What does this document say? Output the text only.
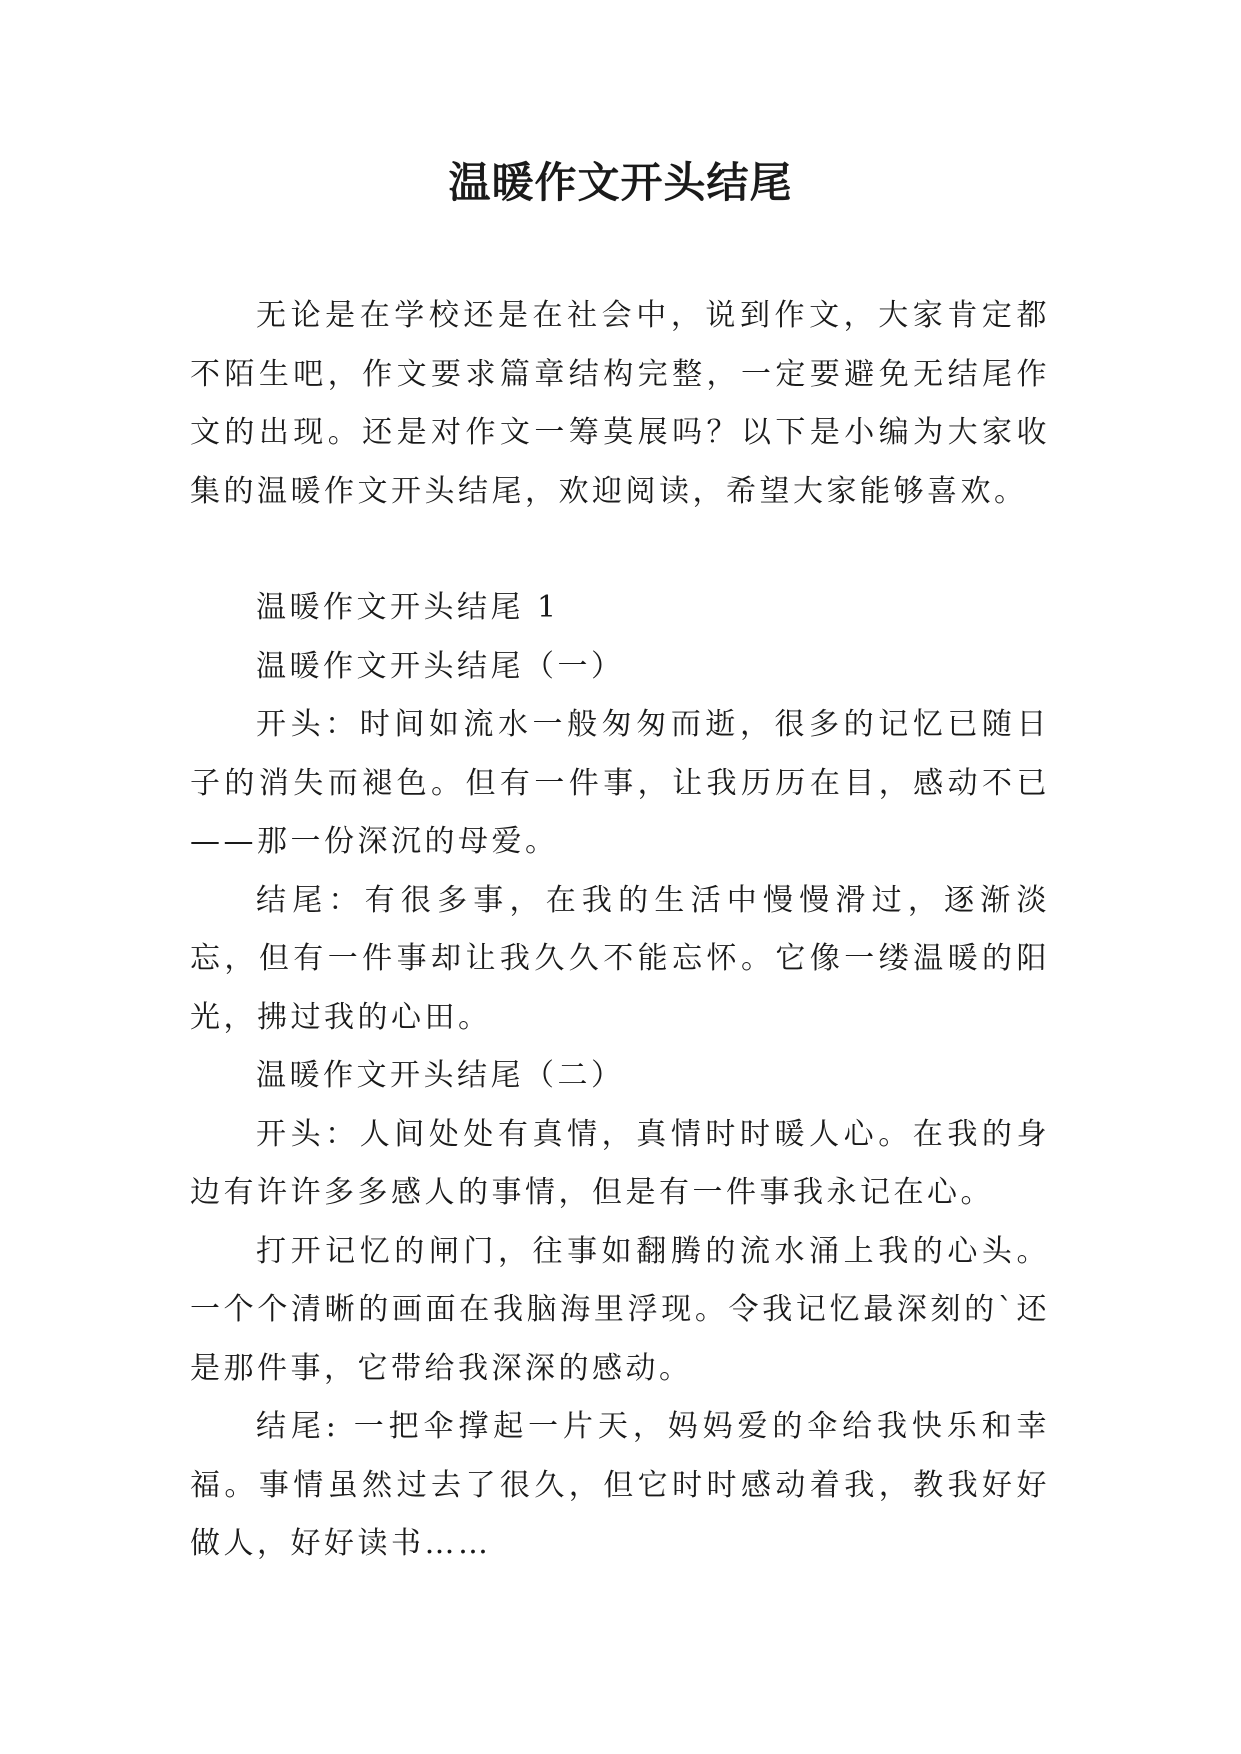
温暖作文开头结尾

无论是在学校还是在社会中，说到作文，大家肯定都不陌生吧，作文要求篇章结构完整，一定要避免无结尾作文的出现。还是对作文一筹莫展吗？以下是小编为大家收集的温暖作文开头结尾，欢迎阅读，希望大家能够喜欢。

温暖作文开头结尾 1

温暖作文开头结尾（一）

开头：时间如流水一般匆匆而逝，很多的记忆已随日子的消失而褪色。但有一件事，让我历历在目，感动不已——那一份深沉的母爱。

结尾：有很多事，在我的生活中慢慢滑过，逐渐淡忘，但有一件事却让我久久不能忘怀。它像一缕温暖的阳光，拂过我的心田。

温暖作文开头结尾（二）

开头：人间处处有真情，真情时时暖人心。在我的身边有许许多多感人的事情，但是有一件事我永记在心。

打开记忆的闸门，往事如翻腾的流水涌上我的心头。一个个清晰的画面在我脑海里浮现。令我记忆最深刻的`还是那件事，它带给我深深的感动。

结尾: 一把伞撑起一片天，妈妈爱的伞给我快乐和幸福。事情虽然过去了很久，但它时时感动着我，教我好好做人，好好读书……
